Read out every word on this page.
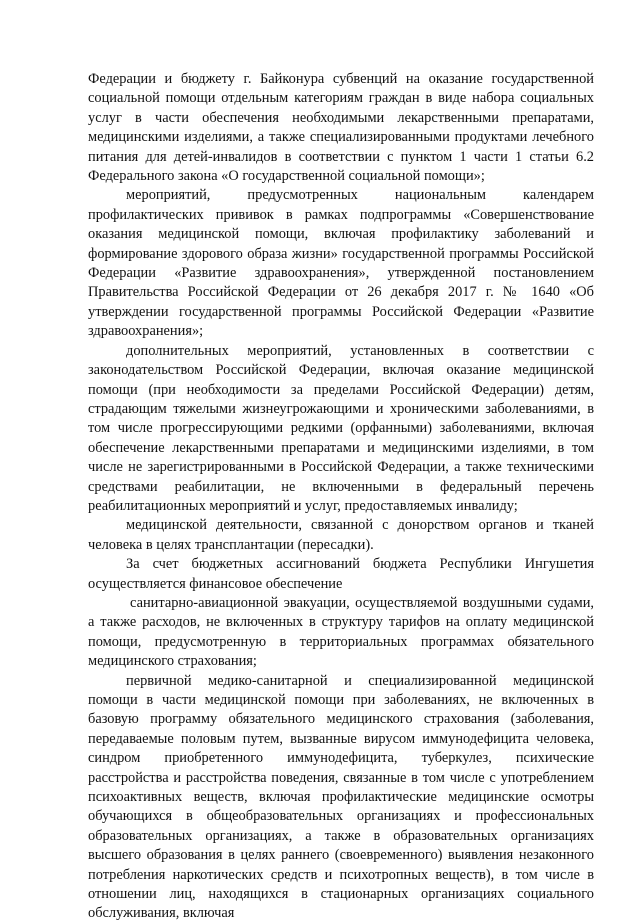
Федерации и бюджету г. Байконура субвенций на оказание государственной социальной помощи отдельным категориям граждан в виде набора социальных услуг в части обеспечения необходимыми лекарственными препаратами, медицинскими изделиями, а также специализированными продуктами лечебного питания для детей-инвалидов в соответствии с пунктом 1 части 1 статьи 6.2 Федерального закона «О государственной социальной помощи»;

мероприятий, предусмотренных национальным календарем профилактических прививок в рамках подпрограммы «Совершенствование оказания медицинской помощи, включая профилактику заболеваний и формирование здорового образа жизни» государственной программы Российской Федерации «Развитие здравоохранения», утвержденной постановлением Правительства Российской Федерации от 26 декабря 2017 г. № 1640 «Об утверждении государственной программы Российской Федерации «Развитие здравоохранения»;

дополнительных мероприятий, установленных в соответствии с законодательством Российской Федерации, включая оказание медицинской помощи (при необходимости за пределами Российской Федерации) детям, страдающим тяжелыми жизнеугрожающими и хроническими заболеваниями, в том числе прогрессирующими редкими (орфанными) заболеваниями, включая обеспечение лекарственными препаратами и медицинскими изделиями, в том числе не зарегистрированными в Российской Федерации, а также техническими средствами реабилитации, не включенными в федеральный перечень реабилитационных мероприятий и услуг, предоставляемых инвалиду;

медицинской деятельности, связанной с донорством органов и тканей человека в целях трансплантации (пересадки).

За счет бюджетных ассигнований бюджета Республики Ингушетия осуществляется финансовое обеспечение

санитарно-авиационной эвакуации, осуществляемой воздушными судами, а также расходов, не включенных в структуру тарифов на оплату медицинской помощи, предусмотренную в территориальных программах обязательного медицинского страхования;

первичной медико-санитарной и специализированной медицинской помощи в части медицинской помощи при заболеваниях, не включенных в базовую программу обязательного медицинского страхования (заболевания, передаваемые половым путем, вызванные вирусом иммунодефицита человека, синдром приобретенного иммунодефицита, туберкулез, психические расстройства и расстройства поведения, связанные в том числе с употреблением психоактивных веществ, включая профилактические медицинские осмотры обучающихся в общеобразовательных организациях и профессиональных образовательных организациях, а также в образовательных организациях высшего образования в целях раннего (своевременного) выявления незаконного потребления наркотических средств и психотропных веществ), в том числе в отношении лиц, находящихся в стационарных организациях социального обслуживания, включая
